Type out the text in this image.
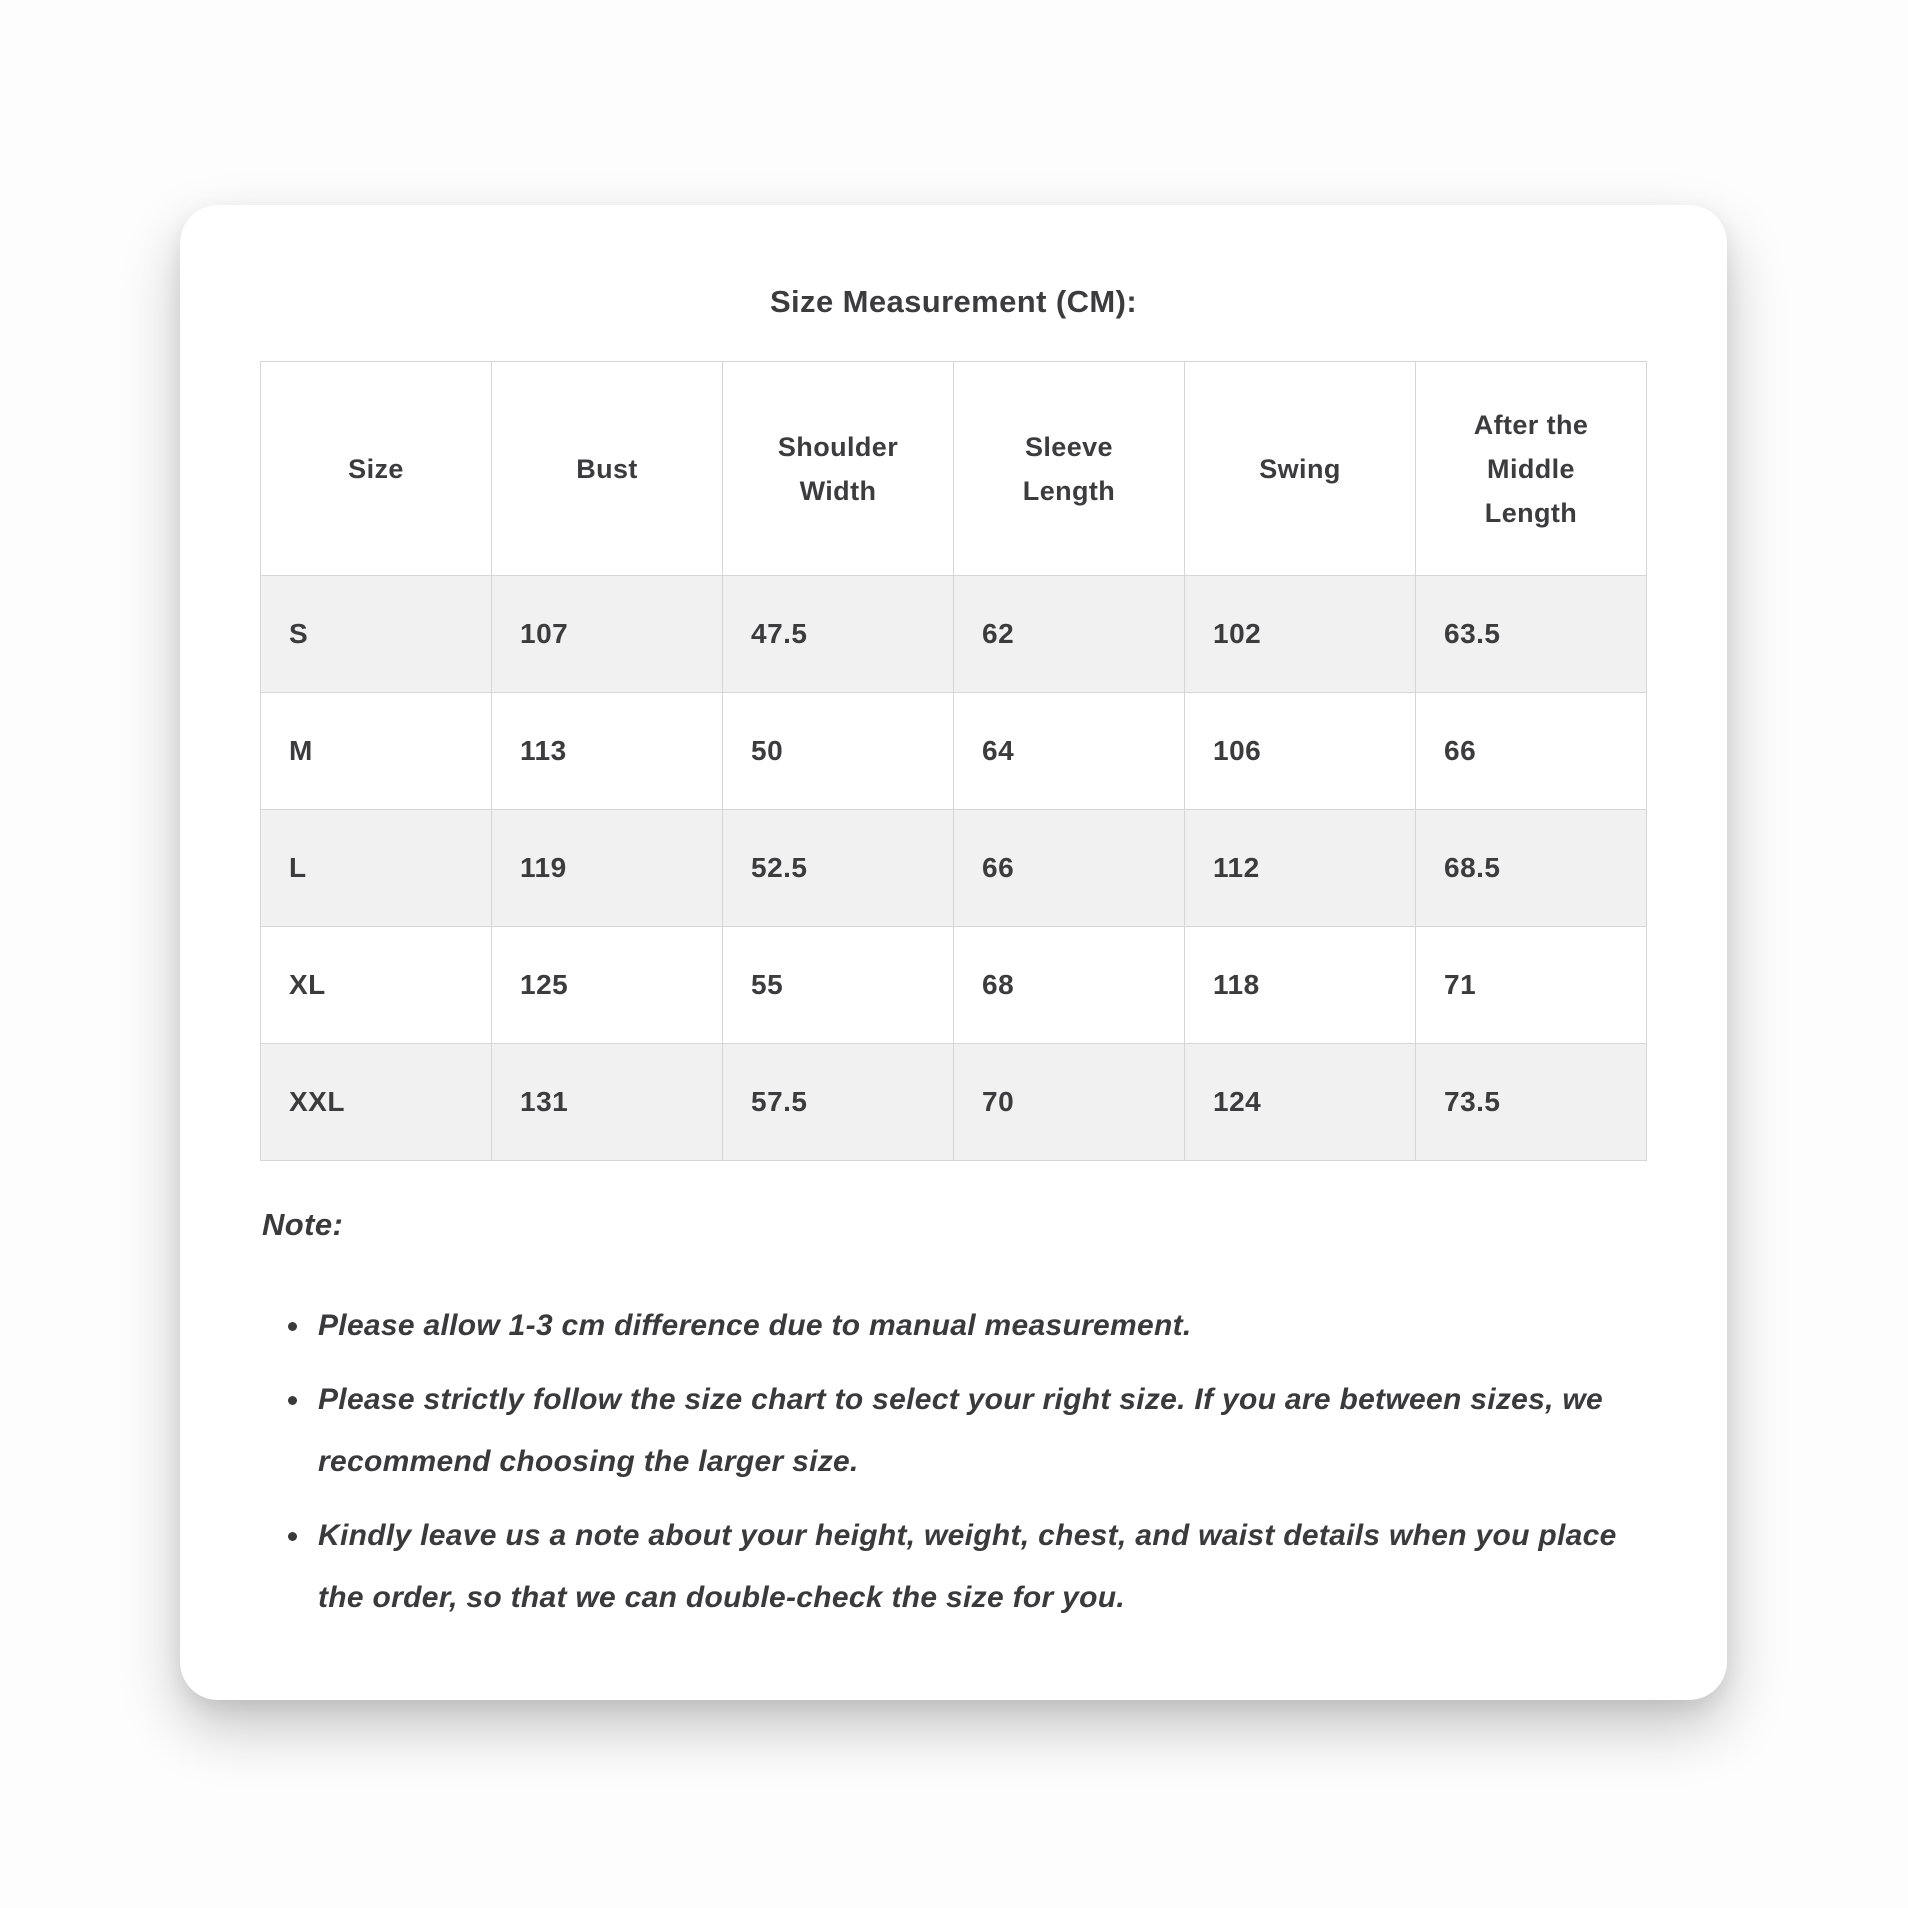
Size Measurement (CM):
Size	Bust	Shoulder Width	Sleeve Length	Swing	After the Middle Length
S	107	47.5	62	102	63.5
M	113	50	64	106	66
L	119	52.5	66	112	68.5
XL	125	55	68	118	71
XXL	131	57.5	70	124	73.5
Note:
• Please allow 1-3 cm difference due to manual measurement.
• Please strictly follow the size chart to select your right size. If you are between sizes, we recommend choosing the larger size.
• Kindly leave us a note about your height, weight, chest, and waist details when you place the order, so that we can double-check the size for you.
